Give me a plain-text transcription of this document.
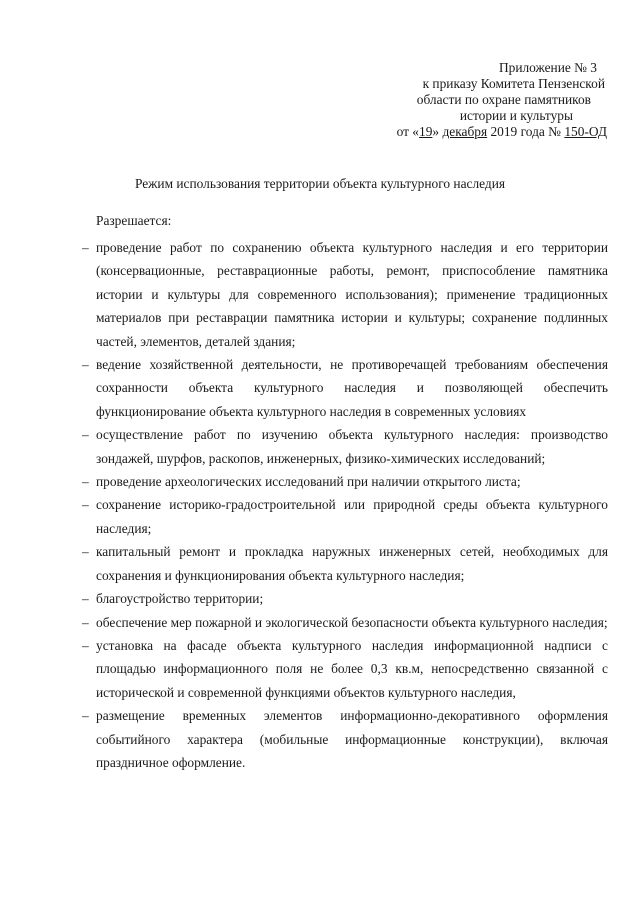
Приложение № 3
к приказу Комитета Пензенской
области по охране памятников
истории и культуры
от «19» декабря 2019 года № 150-ОД
Режим использования территории объекта культурного наследия
Разрешается:
– проведение работ по сохранению объекта культурного наследия и его территории (консервационные, реставрационные работы, ремонт, приспособление памятника истории и культуры для современного использования); применение традиционных материалов при реставрации памятника истории и культуры; сохранение подлинных частей, элементов, деталей здания;
– ведение хозяйственной деятельности, не противоречащей требованиям обеспечения сохранности объекта культурного наследия и позволяющей обеспечить функционирование объекта культурного наследия в современных условиях
– осуществление работ по изучению объекта культурного наследия: производство зондажей, шурфов, раскопов, инженерных, физико-химических исследований;
– проведение археологических исследований при наличии открытого листа;
– сохранение историко-градостроительной или природной среды объекта культурного наследия;
– капитальный ремонт и прокладка наружных инженерных сетей, необходимых для сохранения и функционирования объекта культурного наследия;
– благоустройство территории;
– обеспечение мер пожарной и экологической безопасности объекта культурного наследия;
– установка на фасаде объекта культурного наследия информационной надписи с площадью информационного поля не более 0,3 кв.м, непосредственно связанной с исторической и современной функциями объектов культурного наследия,
– размещение временных элементов информационно-декоративного оформления событийного характера (мобильные информационные конструкции), включая праздничное оформление.
